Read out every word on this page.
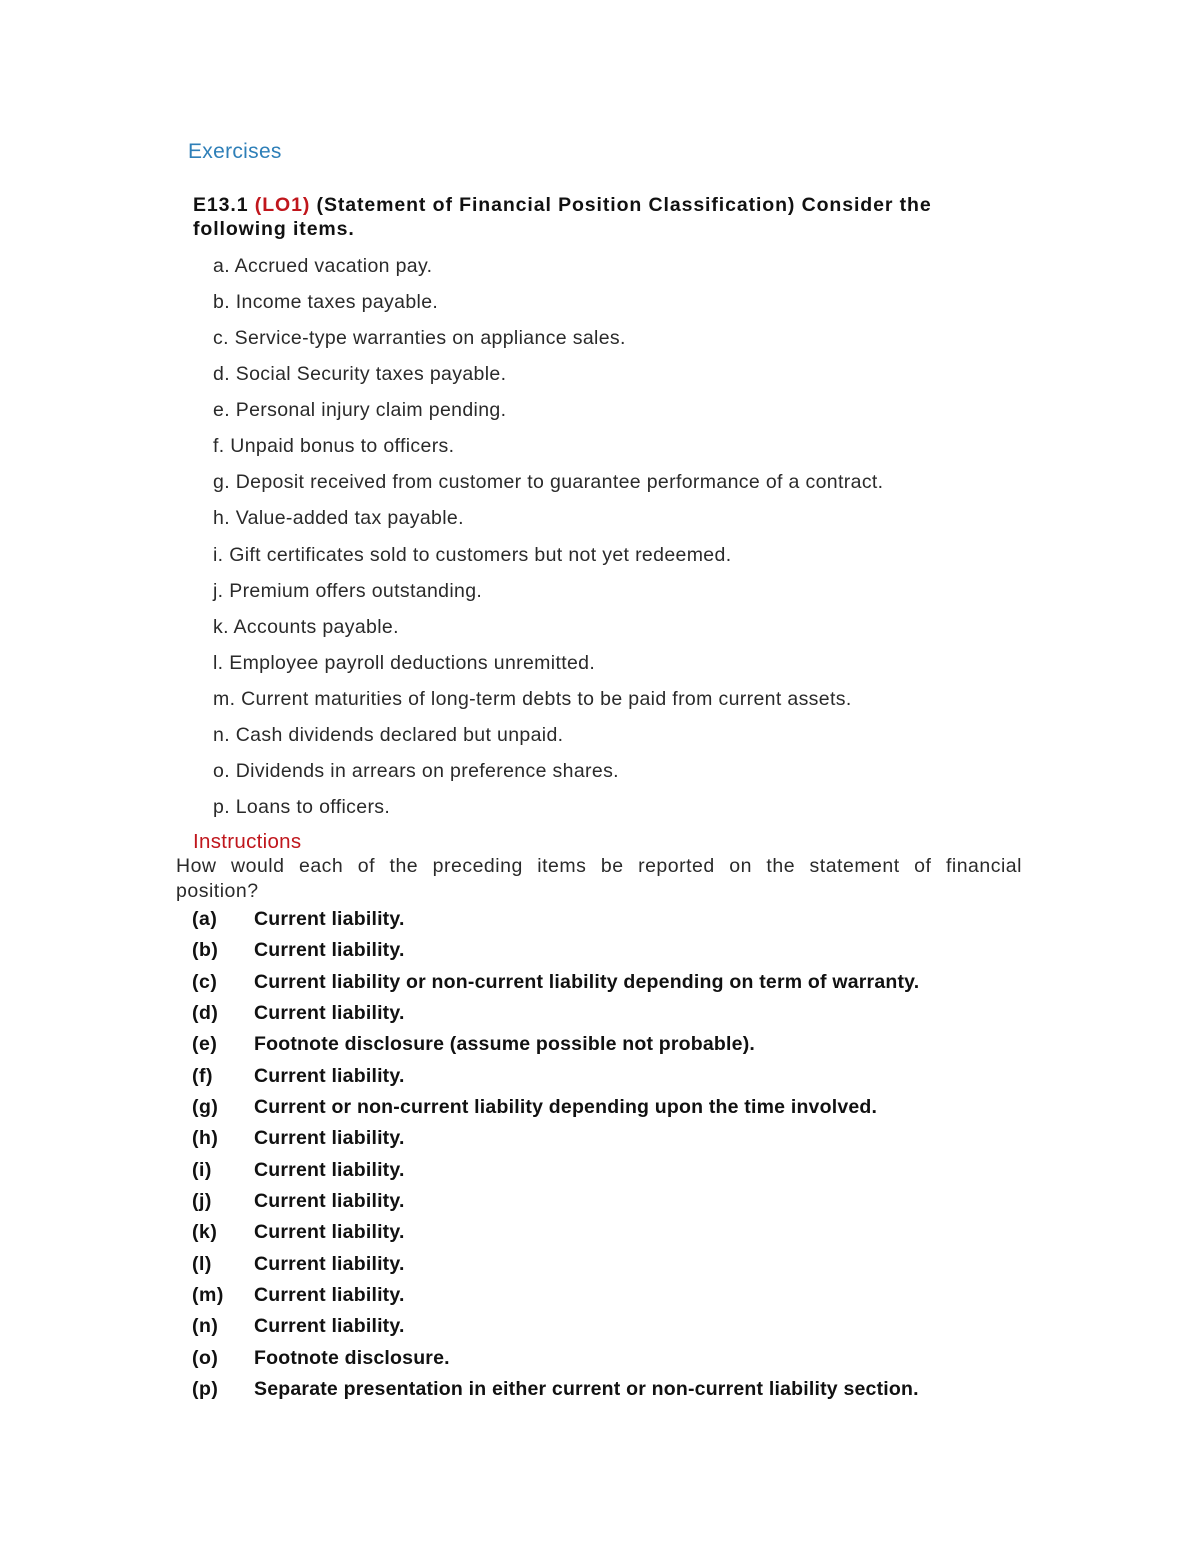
Exercises
E13.1 (LO1) (Statement of Financial Position Classification) Consider the following items.
a. Accrued vacation pay.
b. Income taxes payable.
c. Service-type warranties on appliance sales.
d. Social Security taxes payable.
e. Personal injury claim pending.
f. Unpaid bonus to officers.
g. Deposit received from customer to guarantee performance of a contract.
h. Value-added tax payable.
i. Gift certificates sold to customers but not yet redeemed.
j. Premium offers outstanding.
k. Accounts payable.
l. Employee payroll deductions unremitted.
m. Current maturities of long-term debts to be paid from current assets.
n. Cash dividends declared but unpaid.
o. Dividends in arrears on preference shares.
p. Loans to officers.
Instructions
How would each of the preceding items be reported on the statement of financial position?
(a)	Current liability.
(b)	Current liability.
(c)	Current liability or non-current liability depending on term of warranty.
(d)	Current liability.
(e)	Footnote disclosure (assume possible not probable).
(f)	Current liability.
(g)	Current or non-current liability depending upon the time involved.
(h)	Current liability.
(i)	Current liability.
(j)	Current liability.
(k)	Current liability.
(l)	Current liability.
(m)	Current liability.
(n)	Current liability.
(o)	Footnote disclosure.
(p)	Separate presentation in either current or non-current liability section.
